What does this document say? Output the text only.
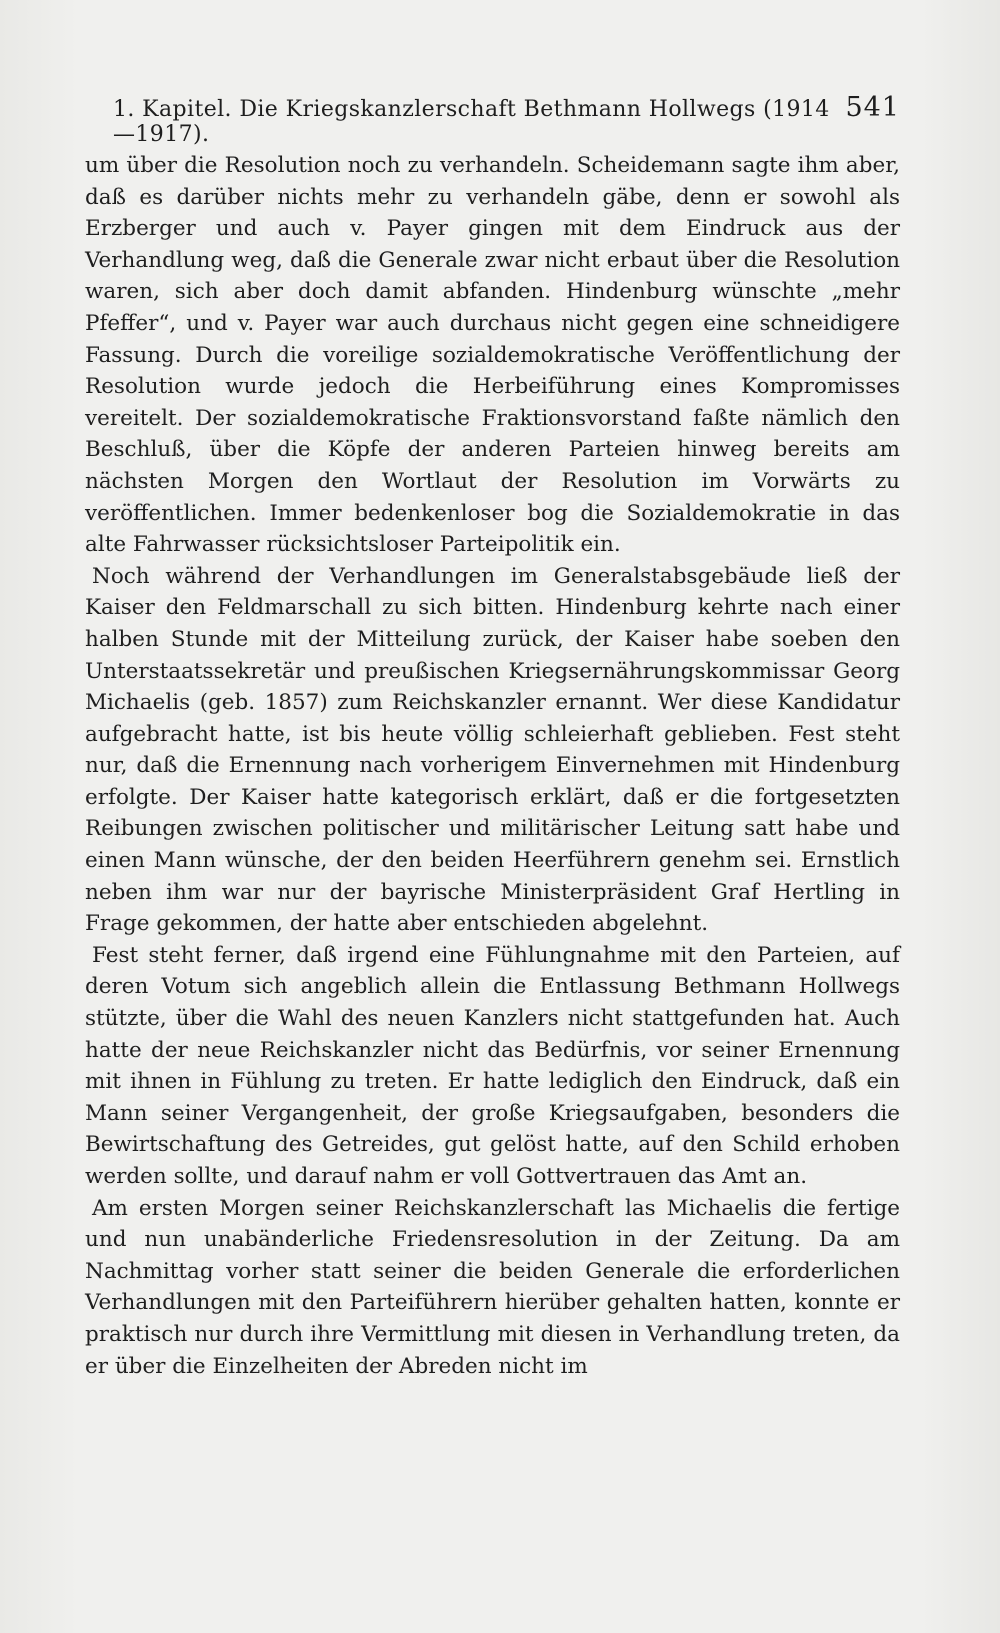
1. Kapitel. Die Kriegskanzlerschaft Bethmann Hollwegs (1914—1917).
541

um über die Resolution noch zu verhandeln. Scheidemann sagte ihm aber, daß es darüber nichts mehr zu verhandeln gäbe, denn er sowohl als Erzberger und auch v. Payer gingen mit dem Eindruck aus der Verhandlung weg, daß die Generale zwar nicht erbaut über die Resolution waren, sich aber doch damit abfanden. Hindenburg wünschte „mehr Pfeffer“, und v. Payer war auch durchaus nicht gegen eine schneidigere Fassung. Durch die voreilige sozialdemokratische Veröffentlichung der Resolution wurde jedoch die Herbeiführung eines Kompromisses vereitelt. Der sozialdemokratische Fraktionsvorstand faßte nämlich den Beschluß, über die Köpfe der anderen Parteien hinweg bereits am nächsten Morgen den Wortlaut der Resolution im Vorwärts zu veröffentlichen. Immer bedenkenloser bog die Sozialdemokratie in das alte Fahrwasser rücksichtsloser Parteipolitik ein.

Noch während der Verhandlungen im Generalstabsgebäude ließ der Kaiser den Feldmarschall zu sich bitten. Hindenburg kehrte nach einer halben Stunde mit der Mitteilung zurück, der Kaiser habe soeben den Unterstaatssekretär und preußischen Kriegsernährungskommissar Georg Michaelis (geb. 1857) zum Reichskanzler ernannt. Wer diese Kandidatur aufgebracht hatte, ist bis heute völlig schleierhaft geblieben. Fest steht nur, daß die Ernennung nach vorherigem Einvernehmen mit Hindenburg erfolgte. Der Kaiser hatte kategorisch erklärt, daß er die fortgesetzten Reibungen zwischen politischer und militärischer Leitung satt habe und einen Mann wünsche, der den beiden Heerführern genehm sei. Ernstlich neben ihm war nur der bayrische Ministerpräsident Graf Hertling in Frage gekommen, der hatte aber entschieden abgelehnt.

Fest steht ferner, daß irgend eine Fühlungnahme mit den Parteien, auf deren Votum sich angeblich allein die Entlassung Bethmann Hollwegs stützte, über die Wahl des neuen Kanzlers nicht stattgefunden hat. Auch hatte der neue Reichskanzler nicht das Bedürfnis, vor seiner Ernennung mit ihnen in Fühlung zu treten. Er hatte lediglich den Eindruck, daß ein Mann seiner Vergangenheit, der große Kriegsaufgaben, besonders die Bewirtschaftung des Getreides, gut gelöst hatte, auf den Schild erhoben werden sollte, und darauf nahm er voll Gottvertrauen das Amt an.

Am ersten Morgen seiner Reichskanzlerschaft las Michaelis die fertige und nun unabänderliche Friedensresolution in der Zeitung. Da am Nachmittag vorher statt seiner die beiden Generale die erforderlichen Verhandlungen mit den Parteiführern hierüber gehalten hatten, konnte er praktisch nur durch ihre Vermittlung mit diesen in Verhandlung treten, da er über die Einzelheiten der Abreden nicht im
